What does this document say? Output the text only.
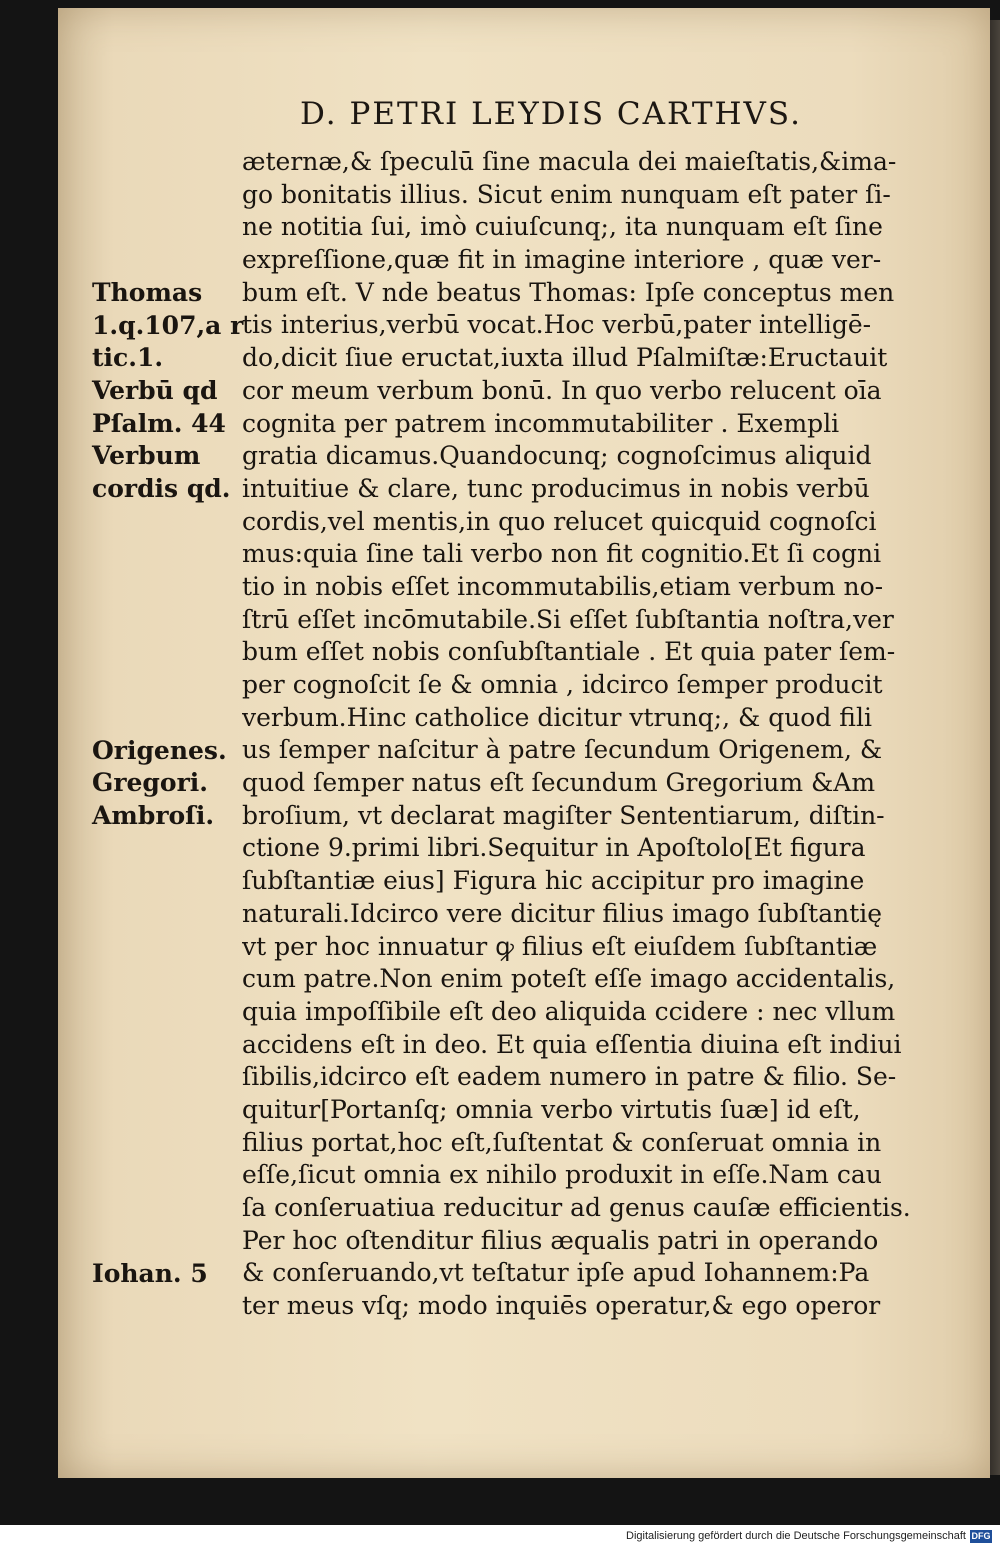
D. PETRI LEYDIS CARTHVS.
æternæ,& ſpeculū ſine macula dei maieſtatis,&ima-
go bonitatis illius. Sicut enim nunquam eſt pater ſi-
ne notitia ſui, imò cuiuſcunq;, ita nunquam eſt ſine
expreſſione,quæ fit in imagine interiore , quæ ver-
bum eſt. V nde beatus Thomas: Ipſe conceptus men
tis interius,verbū vocat.Hoc verbū,pater intelligē-
do,dicit ſiue eructat,iuxta illud Pſalmiſtæ:Eructauit
cor meum verbum bonū. In quo verbo relucent oīa
cognita per patrem incommutabiliter . Exempli
gratia dicamus.Quandocunq; cognoſcimus aliquid
intuitiue & clare, tunc producimus in nobis verbū
cordis,vel mentis,in quo relucet quicquid cognoſci
mus:quia ſine tali verbo non fit cognitio.Et ſi cogni
tio in nobis eſſet incommutabilis,etiam verbum no-
ſtrū eſſet incōmutabile.Si eſſet ſubſtantia noſtra,ver
bum eſſet nobis conſubſtantiale . Et quia pater ſem-
per cognoſcit ſe & omnia , idcirco ſemper producit
verbum.Hinc catholice dicitur vtrunq;, & quod fili
us ſemper naſcitur à patre ſecundum Origenem, &
quod ſemper natus eſt ſecundum Gregorium &Am
broſium, vt declarat magiſter Sententiarum, diſtin-
ctione 9.primi libri.Sequitur in Apoſtolo[Et figura
ſubſtantiæ eius] Figura hic accipitur pro imagine
naturali.Idcirco vere dicitur filius imago ſubſtantię
vt per hoc innuatur ꝙ filius eſt eiuſdem ſubſtantiæ
cum patre.Non enim poteſt eſſe imago accidentalis,
quia impoſſibile eſt deo aliquida ccidere : nec vllum
accidens eſt in deo. Et quia eſſentia diuina eſt indiui
ſibilis,idcirco eſt eadem numero in patre & filio. Se-
quitur[Portanſq; omnia verbo virtutis ſuæ] id eſt,
filius portat,hoc eſt,ſuſtentat & conſeruat omnia in
eſſe,ſicut omnia ex nihilo produxit in eſſe.Nam cau
ſa conſeruatiua reducitur ad genus cauſæ efficientis.
Per hoc oſtenditur filius æqualis patri in operando
& conſeruando,vt teſtatur ipſe apud Iohannem:Pa
ter meus vſq; modo inquiēs operatur,& ego operor
Thomas
1.q.107,a r
tic.1.
Verbū qd
Pſalm. 44
Verbum
cordis qd.
Origenes.
Gregori.
Ambroſi.
Iohan. 5
Digitalisierung gefördert durch die Deutsche Forschungsgemeinschaft DFG
